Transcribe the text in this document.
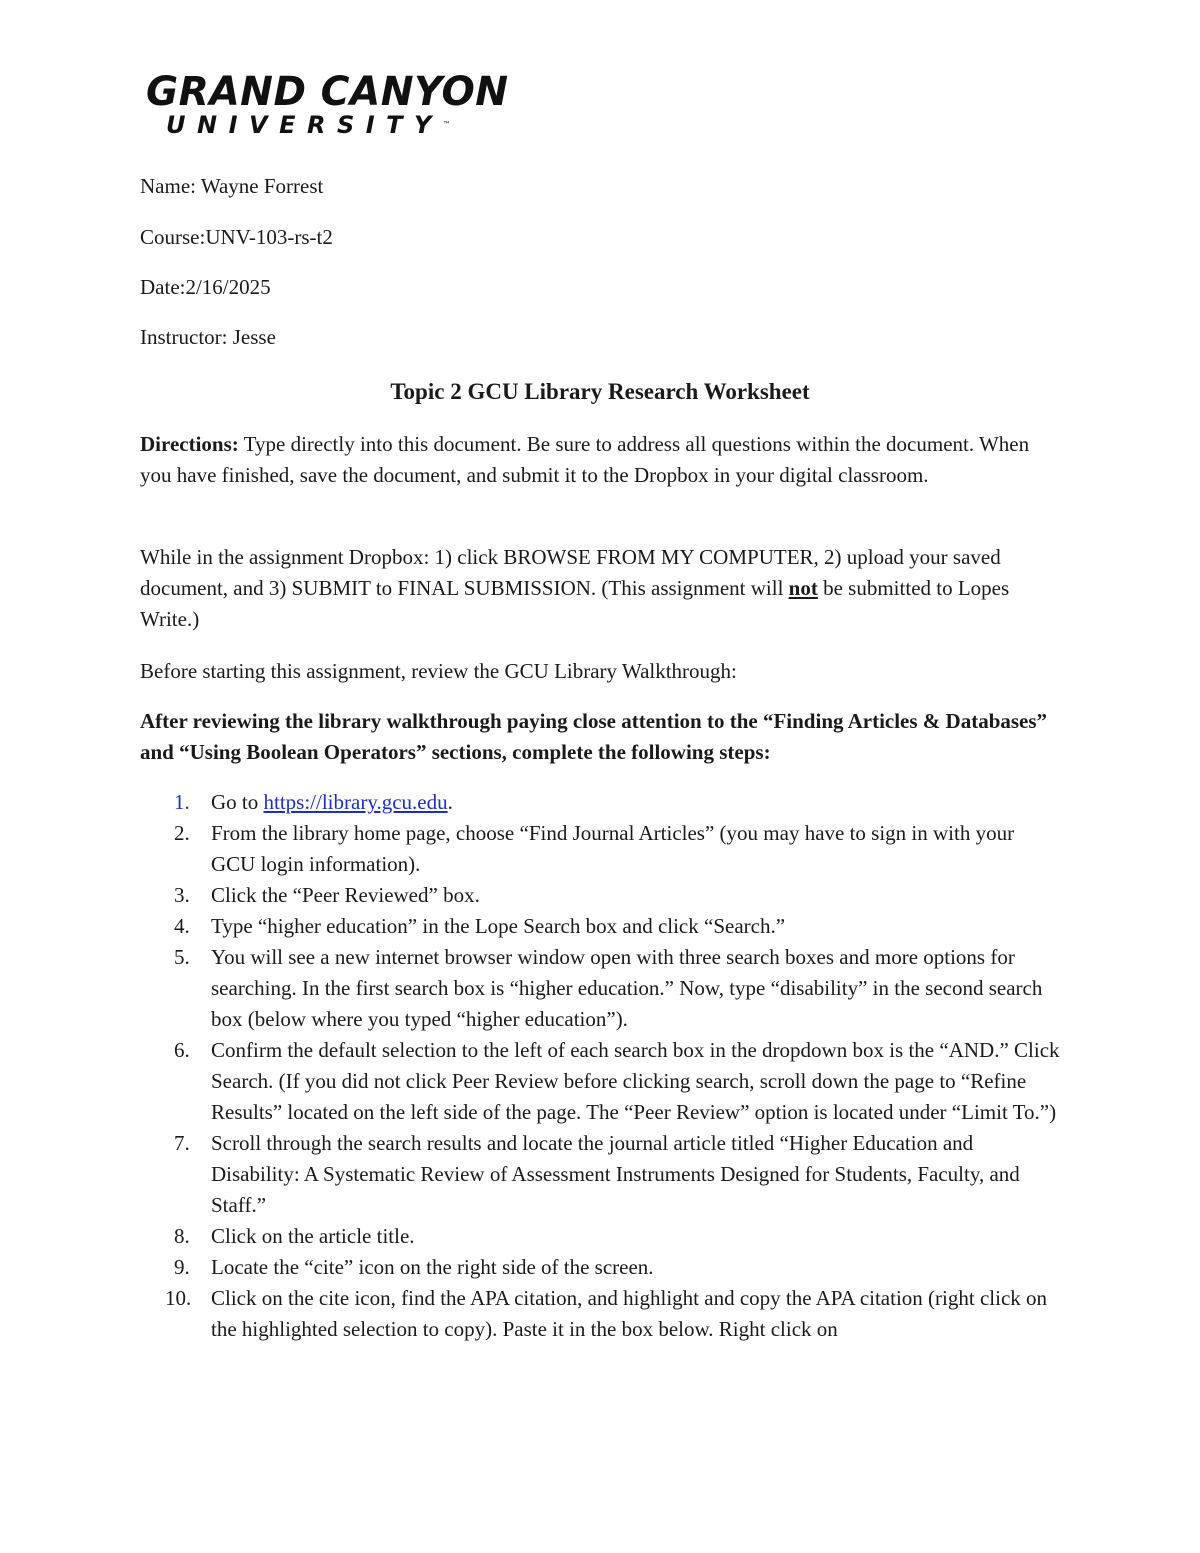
GRAND CANYON
UNIVERSITY™
Name: Wayne Forrest
Course:UNV-103-rs-t2
Date:2/16/2025
Instructor: Jesse
Topic 2 GCU Library Research Worksheet
Directions: Type directly into this document. Be sure to address all questions within the document. When you have finished, save the document, and submit it to the Dropbox in your digital classroom.
While in the assignment Dropbox: 1) click BROWSE FROM MY COMPUTER, 2) upload your saved document, and 3) SUBMIT to FINAL SUBMISSION. (This assignment will not be submitted to Lopes Write.)
Before starting this assignment, review the GCU Library Walkthrough:
After reviewing the library walkthrough paying close attention to the “Finding Articles & Databases” and “Using Boolean Operators” sections, complete the following steps:
1. Go to https://library.gcu.edu.
2. From the library home page, choose “Find Journal Articles” (you may have to sign in with your GCU login information).
3. Click the “Peer Reviewed” box.
4. Type “higher education” in the Lope Search box and click “Search.”
5. You will see a new internet browser window open with three search boxes and more options for searching. In the first search box is “higher education.” Now, type “disability” in the second search box (below where you typed “higher education”).
6. Confirm the default selection to the left of each search box in the dropdown box is the “AND.” Click Search. (If you did not click Peer Review before clicking search, scroll down the page to “Refine Results” located on the left side of the page. The “Peer Review” option is located under “Limit To.”)
7. Scroll through the search results and locate the journal article titled “Higher Education and Disability: A Systematic Review of Assessment Instruments Designed for Students, Faculty, and Staff.”
8. Click on the article title.
9. Locate the “cite” icon on the right side of the screen.
10. Click on the cite icon, find the APA citation, and highlight and copy the APA citation (right click on the highlighted selection to copy). Paste it in the box below. Right click on
